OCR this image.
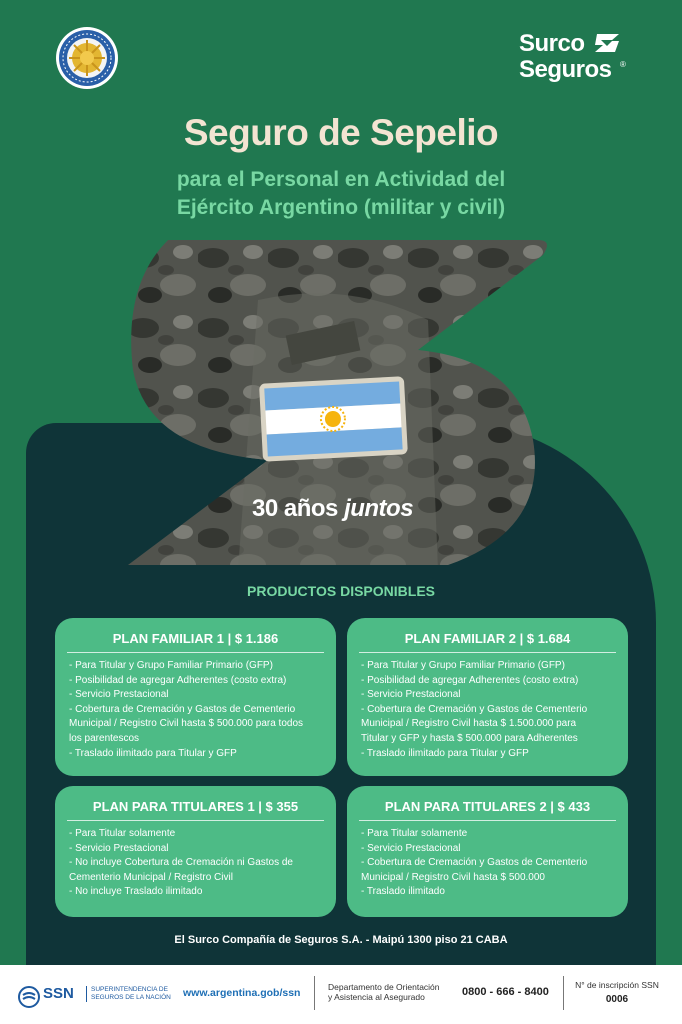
Surco
Seguros ®
Seguro de Sepelio
para el Personal en Actividad del
Ejército Argentino (militar y civil)
30 años juntos
PRODUCTOS DISPONIBLES
PLAN FAMILIAR 1 | $ 1.186
- Para Titular y Grupo Familiar Primario (GFP)
- Posibilidad de agregar Adherentes (costo extra)
- Servicio Prestacional
- Cobertura de Cremación y Gastos de Cementerio
Municipal / Registro Civil hasta $ 500.000 para todos
los parentescos
- Traslado ilimitado para Titular y GFP
PLAN FAMILIAR 2 | $ 1.684
- Para Titular y Grupo Familiar Primario (GFP)
- Posibilidad de agregar Adherentes (costo extra)
- Servicio Prestacional
- Cobertura de Cremación y Gastos de Cementerio
Municipal / Registro Civil hasta $ 1.500.000 para
Titular y GFP y hasta $ 500.000 para Adherentes
- Traslado ilimitado para Titular y GFP
PLAN PARA TITULARES 1 | $ 355
- Para Titular solamente
- Servicio Prestacional
- No incluye Cobertura de Cremación ni Gastos de
Cementerio Municipal / Registro Civil
- No incluye Traslado ilimitado
PLAN PARA TITULARES 2 | $ 433
- Para Titular solamente
- Servicio Prestacional
- Cobertura de Cremación y Gastos de Cementerio
Municipal / Registro Civil hasta $ 500.000
- Traslado ilimitado
El Surco Compañía de Seguros S.A. - Maipú 1300 piso 21 CABA
SSN	SUPERINTENDENCIA DE
SEGUROS DE LA NACIÓN	www.argentina.gob/ssn	Departamento de Orientación
y Asistencia al Asegurado	0800 - 666 - 8400
N° de inscripción SSN
0006
